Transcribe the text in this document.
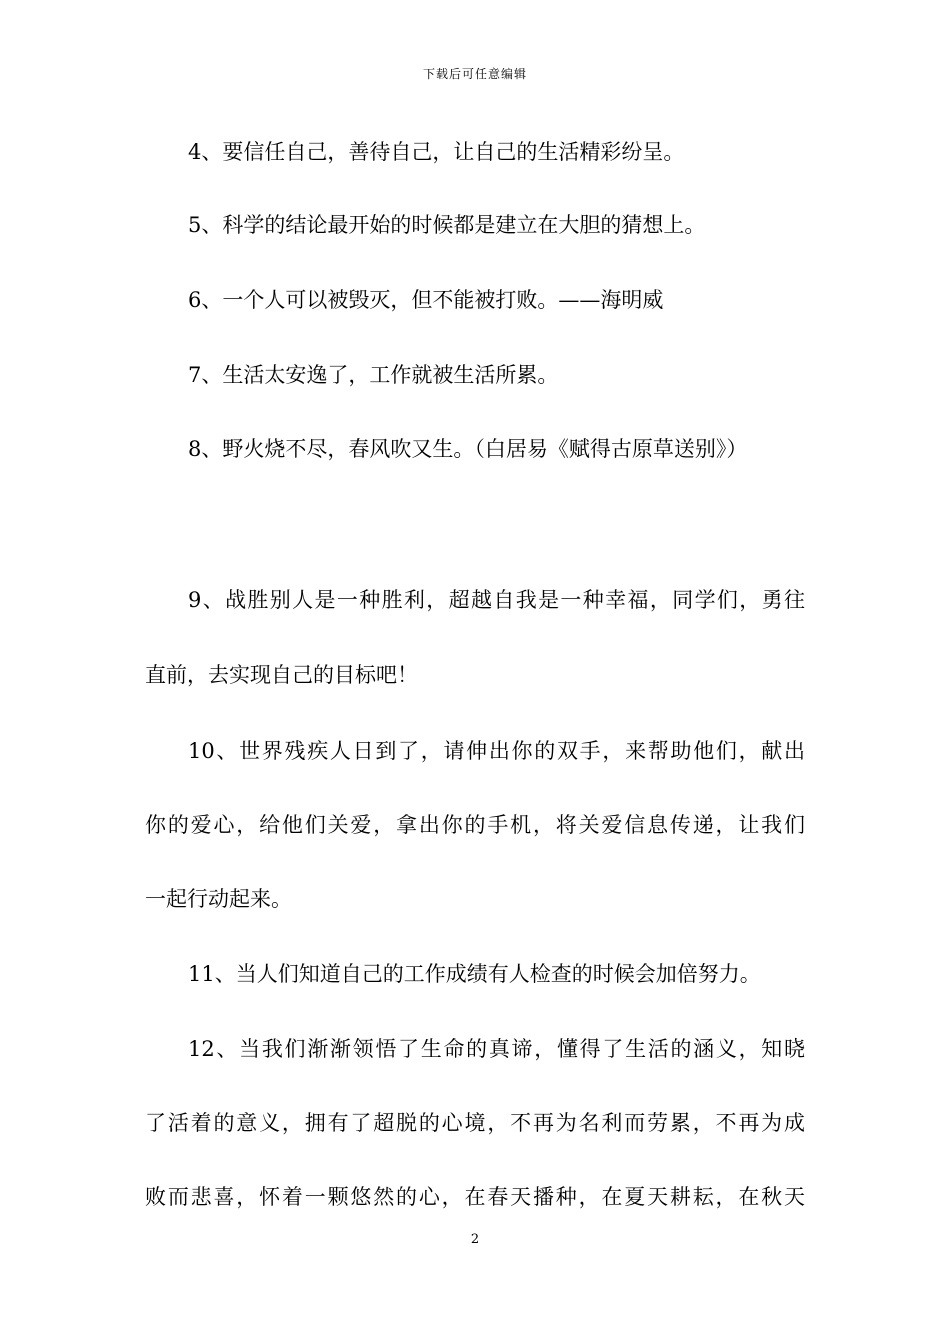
下载后可任意编辑
4、要信任自己，善待自己，让自己的生活精彩纷呈。
5、科学的结论最开始的时候都是建立在大胆的猜想上。
6、一个人可以被毁灭，但不能被打败。——海明威
7、生活太安逸了，工作就被生活所累。
8、野火烧不尽，春风吹又生。（白居易《赋得古原草送别》）
9、战胜别人是一种胜利，超越自我是一种幸福，同学们，勇往
直前，去实现自己的目标吧！
10、世界残疾人日到了，请伸出你的双手，来帮助他们，献出
你的爱心，给他们关爱，拿出你的手机，将关爱信息传递，让我们
一起行动起来。
11、当人们知道自己的工作成绩有人检查的时候会加倍努力。
12、当我们渐渐领悟了生命的真谛，懂得了生活的涵义，知晓
了活着的意义，拥有了超脱的心境，不再为名利而劳累，不再为成
败而悲喜，怀着一颗悠然的心，在春天播种，在夏天耕耘，在秋天
2
